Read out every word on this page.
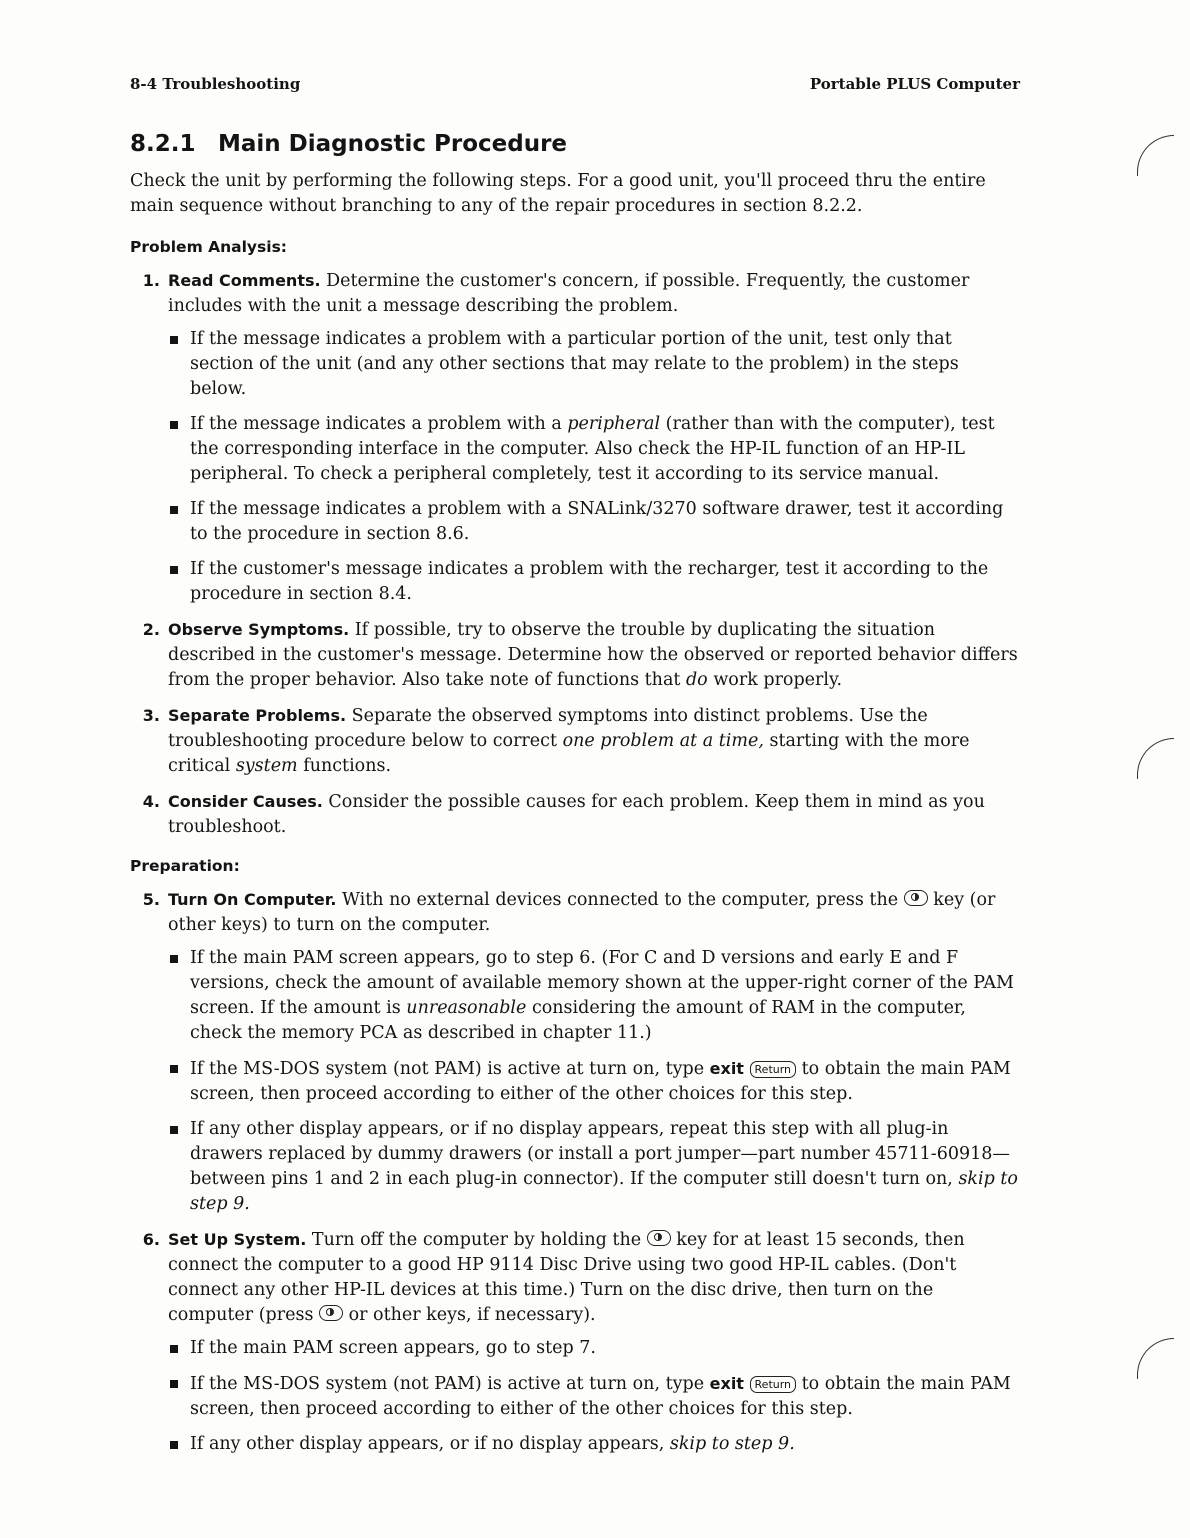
8-4 Troubleshooting	Portable PLUS Computer
8.2.1 Main Diagnostic Procedure

Check the unit by performing the following steps. For a good unit, you'll proceed thru the entire main sequence without branching to any of the repair procedures in section 8.2.2.

Problem Analysis:
1. Read Comments. Determine the customer's concern, if possible. Frequently, the customer includes with the unit a message describing the problem.

If the message indicates a problem with a particular portion of the unit, test only that section of the unit (and any other sections that may relate to the problem) in the steps below.
If the message indicates a problem with a peripheral (rather than with the computer), test the corresponding interface in the computer. Also check the HP-IL function of an HP-IL peripheral. To check a peripheral completely, test it according to its service manual.
If the message indicates a problem with a SNALink/3270 software drawer, test it according to the procedure in section 8.6.
If the customer's message indicates a problem with the recharger, test it according to the procedure in section 8.4.
2. Observe Symptoms. If possible, try to observe the trouble by duplicating the situation described in the customer's message. Determine how the observed or reported behavior differs from the proper behavior. Also take note of functions that do work properly.

3. Separate Problems. Separate the observed symptoms into distinct problems. Use the troubleshooting procedure below to correct one problem at a time, starting with the more critical system functions.

4. Consider Causes. Consider the possible causes for each problem. Keep them in mind as you troubleshoot.

Preparation:
5. Turn On Computer. With no external devices connected to the computer, press the key (or other keys) to turn on the computer.

If the main PAM screen appears, go to step 6. (For C and D versions and early E and F versions, check the amount of available memory shown at the upper-right corner of the PAM screen. If the amount is unreasonable considering the amount of RAM in the computer, check the memory PCA as described in chapter 11.)
If the MS-DOS system (not PAM) is active at turn on, type exit Return to obtain the main PAM screen, then proceed according to either of the other choices for this step.
If any other display appears, or if no display appears, repeat this step with all plug-in drawers replaced by dummy drawers (or install a port jumper—part number 45711-60918—between pins 1 and 2 in each plug-in connector). If the computer still doesn't turn on, skip to step 9.
6. Set Up System. Turn off the computer by holding the key for at least 15 seconds, then connect the computer to a good HP 9114 Disc Drive using two good HP-IL cables. (Don't connect any other HP-IL devices at this time.) Turn on the disc drive, then turn on the computer (press or other keys, if necessary).

If the main PAM screen appears, go to step 7.
If the MS-DOS system (not PAM) is active at turn on, type exit Return to obtain the main PAM screen, then proceed according to either of the other choices for this step.
If any other display appears, or if no display appears, skip to step 9.
